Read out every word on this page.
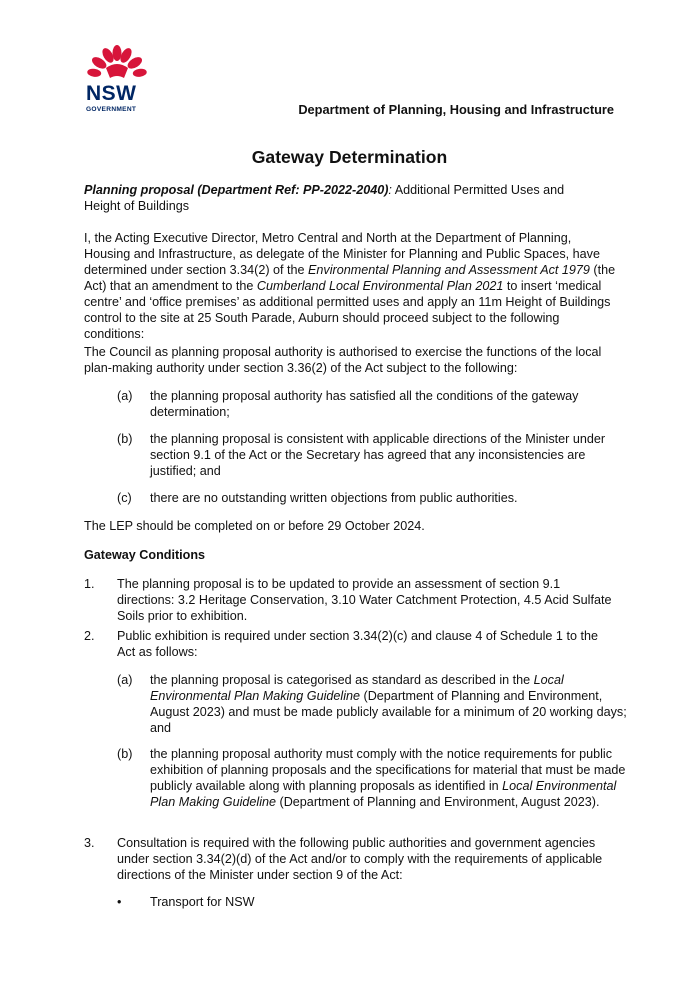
NSW
GOVERNMENT	Department of Planning, Housing and Infrastructure
Gateway Determination

Planning proposal (Department Ref: PP-2022-2040): Additional Permitted Uses and Height of Buildings

I, the Acting Executive Director, Metro Central and North at the Department of Planning, Housing and Infrastructure, as delegate of the Minister for Planning and Public Spaces, have determined under section 3.34(2) of the Environmental Planning and Assessment Act 1979 (the Act) that an amendment to the Cumberland Local Environmental Plan 2021 to insert ‘medical centre’ and ‘office premises’ as additional permitted uses and apply an 11m Height of Buildings control to the site at 25 South Parade, Auburn should proceed subject to the following conditions:

The Council as planning proposal authority is authorised to exercise the functions of the local plan-making authority under section 3.36(2) of the Act subject to the following:

(a) the planning proposal authority has satisfied all the conditions of the gateway determination;

(b) the planning proposal is consistent with applicable directions of the Minister under section 9.1 of the Act or the Secretary has agreed that any inconsistencies are justified; and

(c) there are no outstanding written objections from public authorities.

The LEP should be completed on or before 29 October 2024.

Gateway Conditions

1. The planning proposal is to be updated to provide an assessment of section 9.1 directions: 3.2 Heritage Conservation, 3.10 Water Catchment Protection, 4.5 Acid Sulfate Soils prior to exhibition.

2. Public exhibition is required under section 3.34(2)(c) and clause 4 of Schedule 1 to the Act as follows:

(a) the planning proposal is categorised as standard as described in the Local Environmental Plan Making Guideline (Department of Planning and Environment, August 2023) and must be made publicly available for a minimum of 20 working days; and

(b) the planning proposal authority must comply with the notice requirements for public exhibition of planning proposals and the specifications for material that must be made publicly available along with planning proposals as identified in Local Environmental Plan Making Guideline (Department of Planning and Environment, August 2023).

3. Consultation is required with the following public authorities and government agencies under section 3.34(2)(d) of the Act and/or to comply with the requirements of applicable directions of the Minister under section 9 of the Act:

• Transport for NSW
